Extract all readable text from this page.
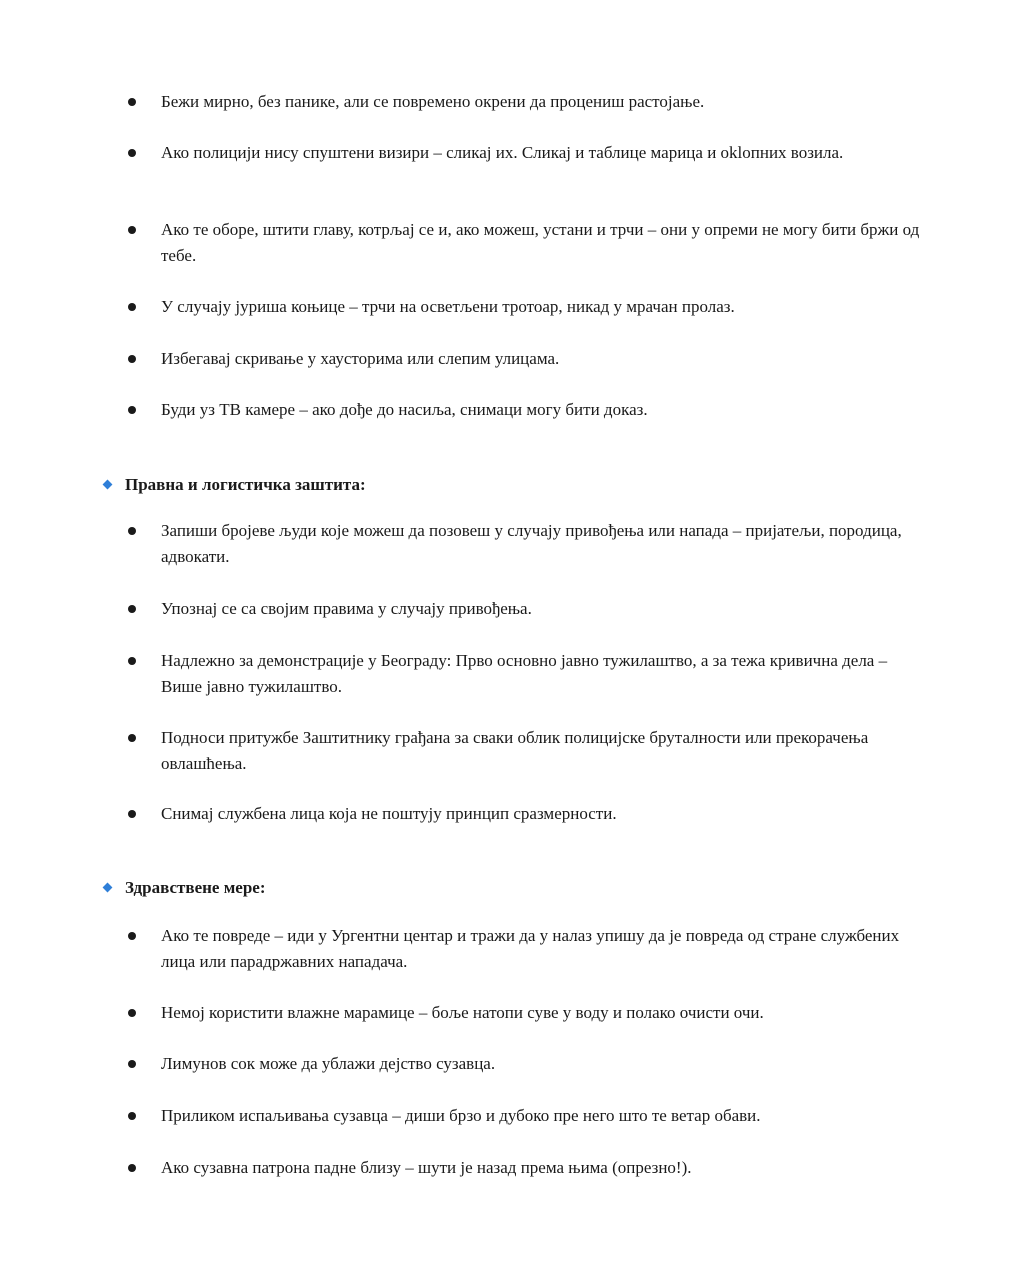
Бежи мирно, без панике, али се повремено окрени да процениш растојање.
Ако полицији нису спуштени визири – сликај их. Сликај и таблице марица и оklопних возила.
Ако те оборе, штити главу, котрљај се и, ако можеш, устани и трчи – они у опреми не могу бити бржи од тебе.
У случају јуриша коњице – трчи на осветљени тротоар, никад у мрачан пролаз.
Избегавај скривање у хаусторима или слепим улицама.
Буди уз ТВ камере – ако дође до насиља, снимаци могу бити доказ.
Правна и логистичка заштита:
Запиши бројеве људи које можеш да позовеш у случају привођења или напада – пријатељи, породица, адвокати.
Упознај се са својим правима у случају привођења.
Надлежно за демонстрације у Београду: Прво основно јавно тужилаштво, а за тежа кривична дела – Више јавно тужилаштво.
Подноси притужбе Заштитнику грађана за сваки облик полицијске бруталности или прекорачења овлашћења.
Снимај службена лица која не поштују принцип сразмерности.
Здравствене мере:
Ако те повреде – иди у Ургентни центар и тражи да у налаз упишу да је повреда од стране службених лица или парадржавних нападача.
Немој користити влажне марамице – боље натопи суве у воду и полако очисти очи.
Лимунов сок може да ублажи дејство сузавца.
Приликом испаљивања сузавца – диши брзо и дубоко пре него што те ветар обави.
Ако сузавна патрона падне близу – шути је назад према њима (опрезно!).
